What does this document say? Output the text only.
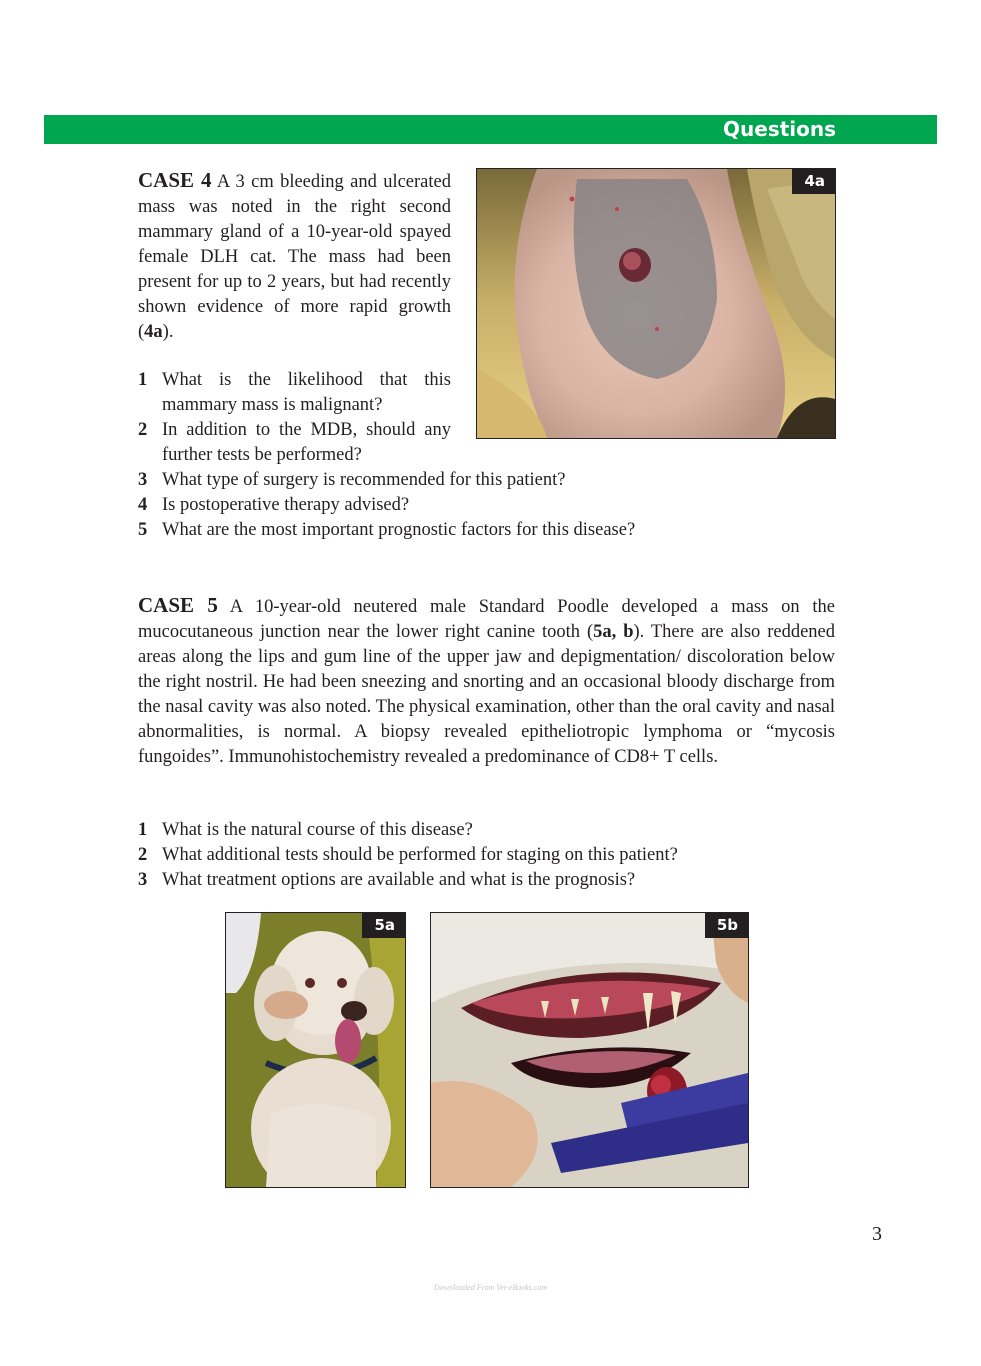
Questions

CASE 4 A 3 cm bleeding and ulcerated mass was noted in the right second mammary gland of a 10-year-old spayed female DLH cat. The mass had been present for up to 2 years, but had recently shown evidence of more rapid growth (4a).

4a
1 What is the likelihood that this mammary mass is malignant?
2 In addition to the MDB, should any further tests be performed?
3 What type of surgery is recommended for this patient?
4 Is postoperative therapy advised?
5 What are the most important prognostic factors for this disease?

CASE 5 A 10-year-old neutered male Standard Poodle developed a mass on the mucocutaneous junction near the lower right canine tooth (5a, b). There are also reddened areas along the lips and gum line of the upper jaw and depigmentation/ discoloration below the right nostril. He had been sneezing and snorting and an occasional bloody discharge from the nasal cavity was also noted. The physical examination, other than the oral cavity and nasal abnormalities, is normal. A biopsy revealed epitheliotropic lymphoma or “mycosis fungoides”. Immunohistochemistry revealed a predominance of CD8+ T cells.

1 What is the natural course of this disease?
2 What additional tests should be performed for staging on this patient?
3 What treatment options are available and what is the prognosis?
5a	5b
3
Downloaded From Vet-eBooks.com
